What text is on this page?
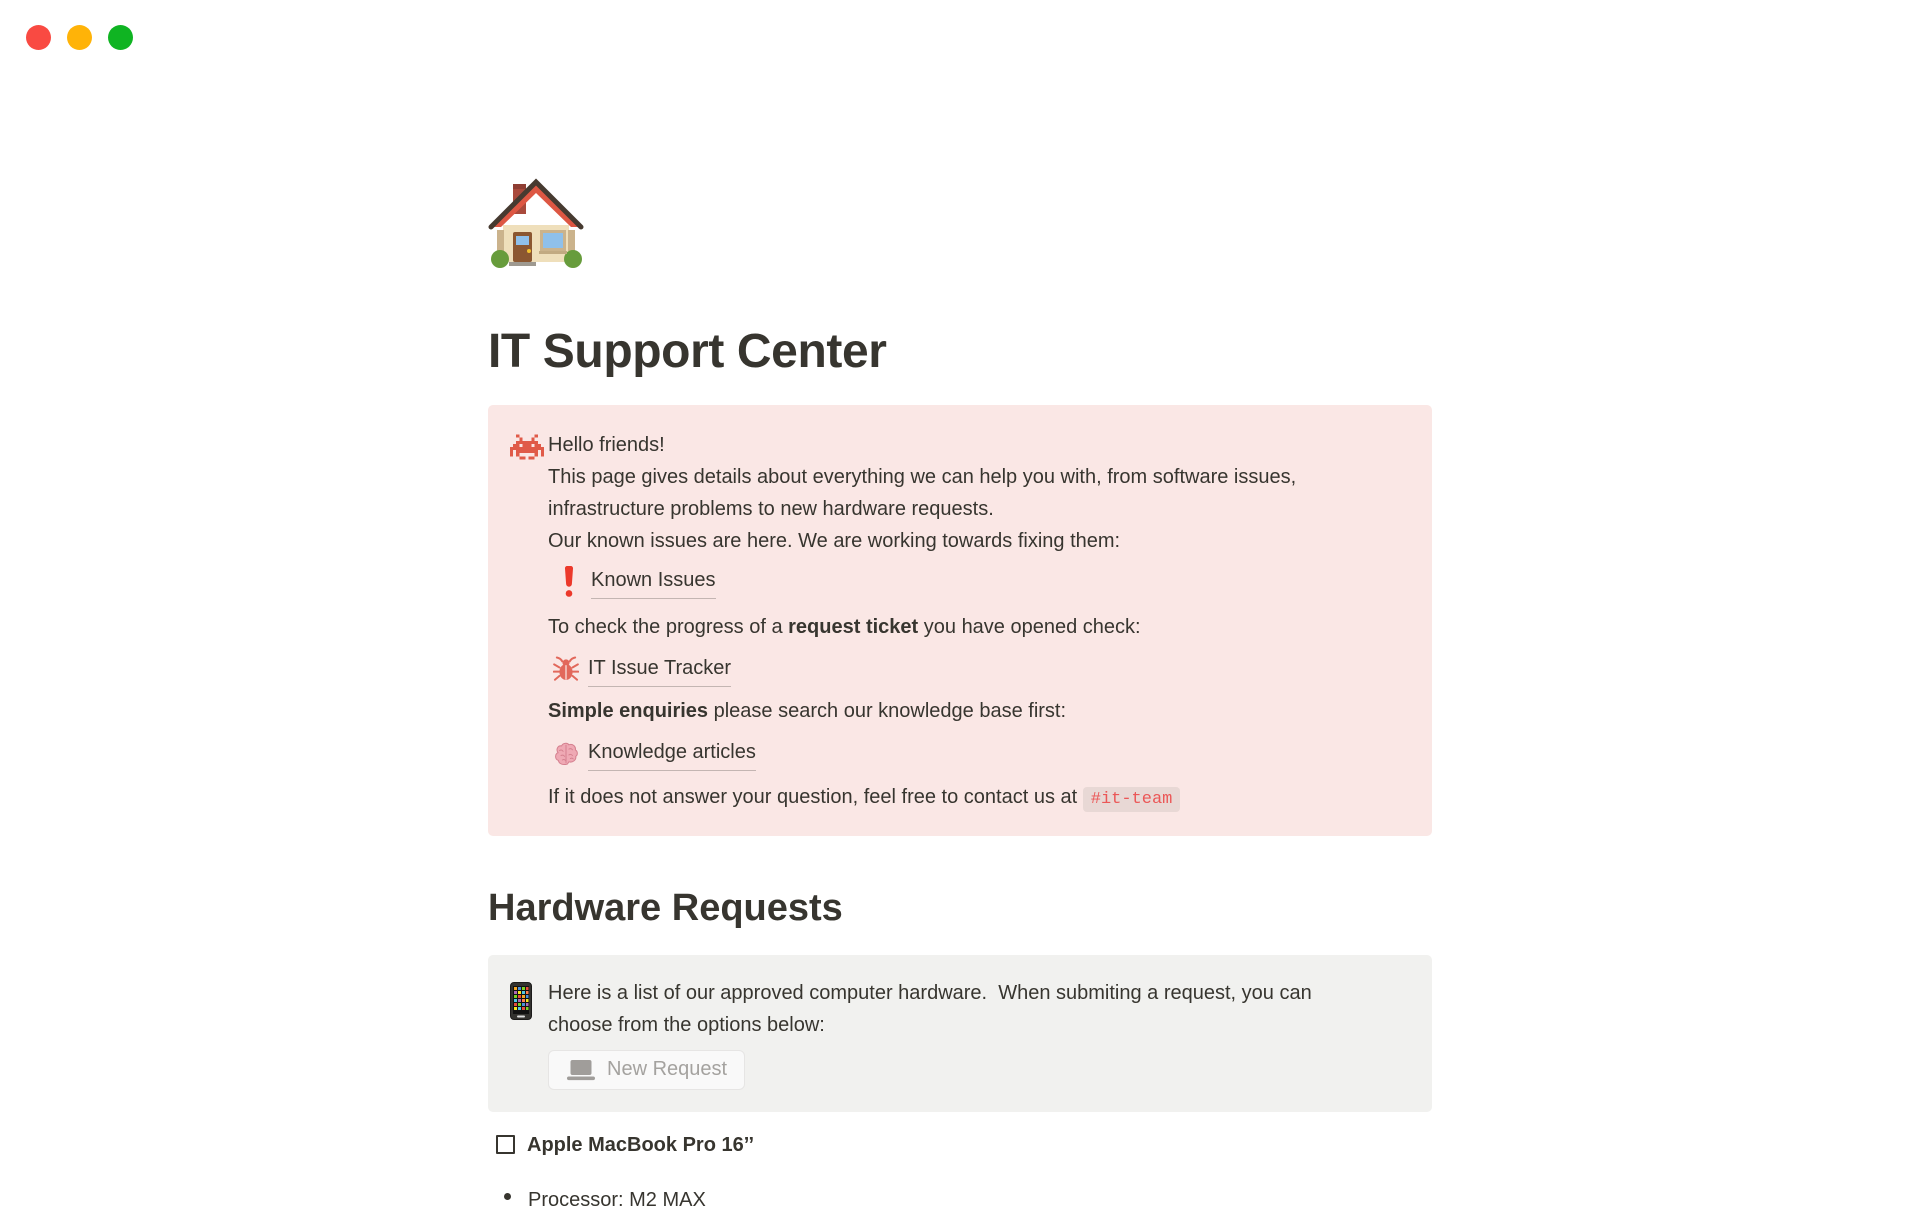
IT Support Center
Hello friends!
This page gives details about everything we can help you with, from software issues,
infrastructure problems to new hardware requests.
Our known issues are here. We are working towards fixing them:
Known Issues
To check the progress of a request ticket you have opened check:
IT Issue Tracker
Simple enquiries please search our knowledge base first:
Knowledge articles
If it does not answer your question, feel free to contact us at #it-team
Hardware Requests
Here is a list of our approved computer hardware.  When submiting a request, you can
choose from the options below:
New Request
Apple MacBook Pro 16’’
Processor: M2 MAX
